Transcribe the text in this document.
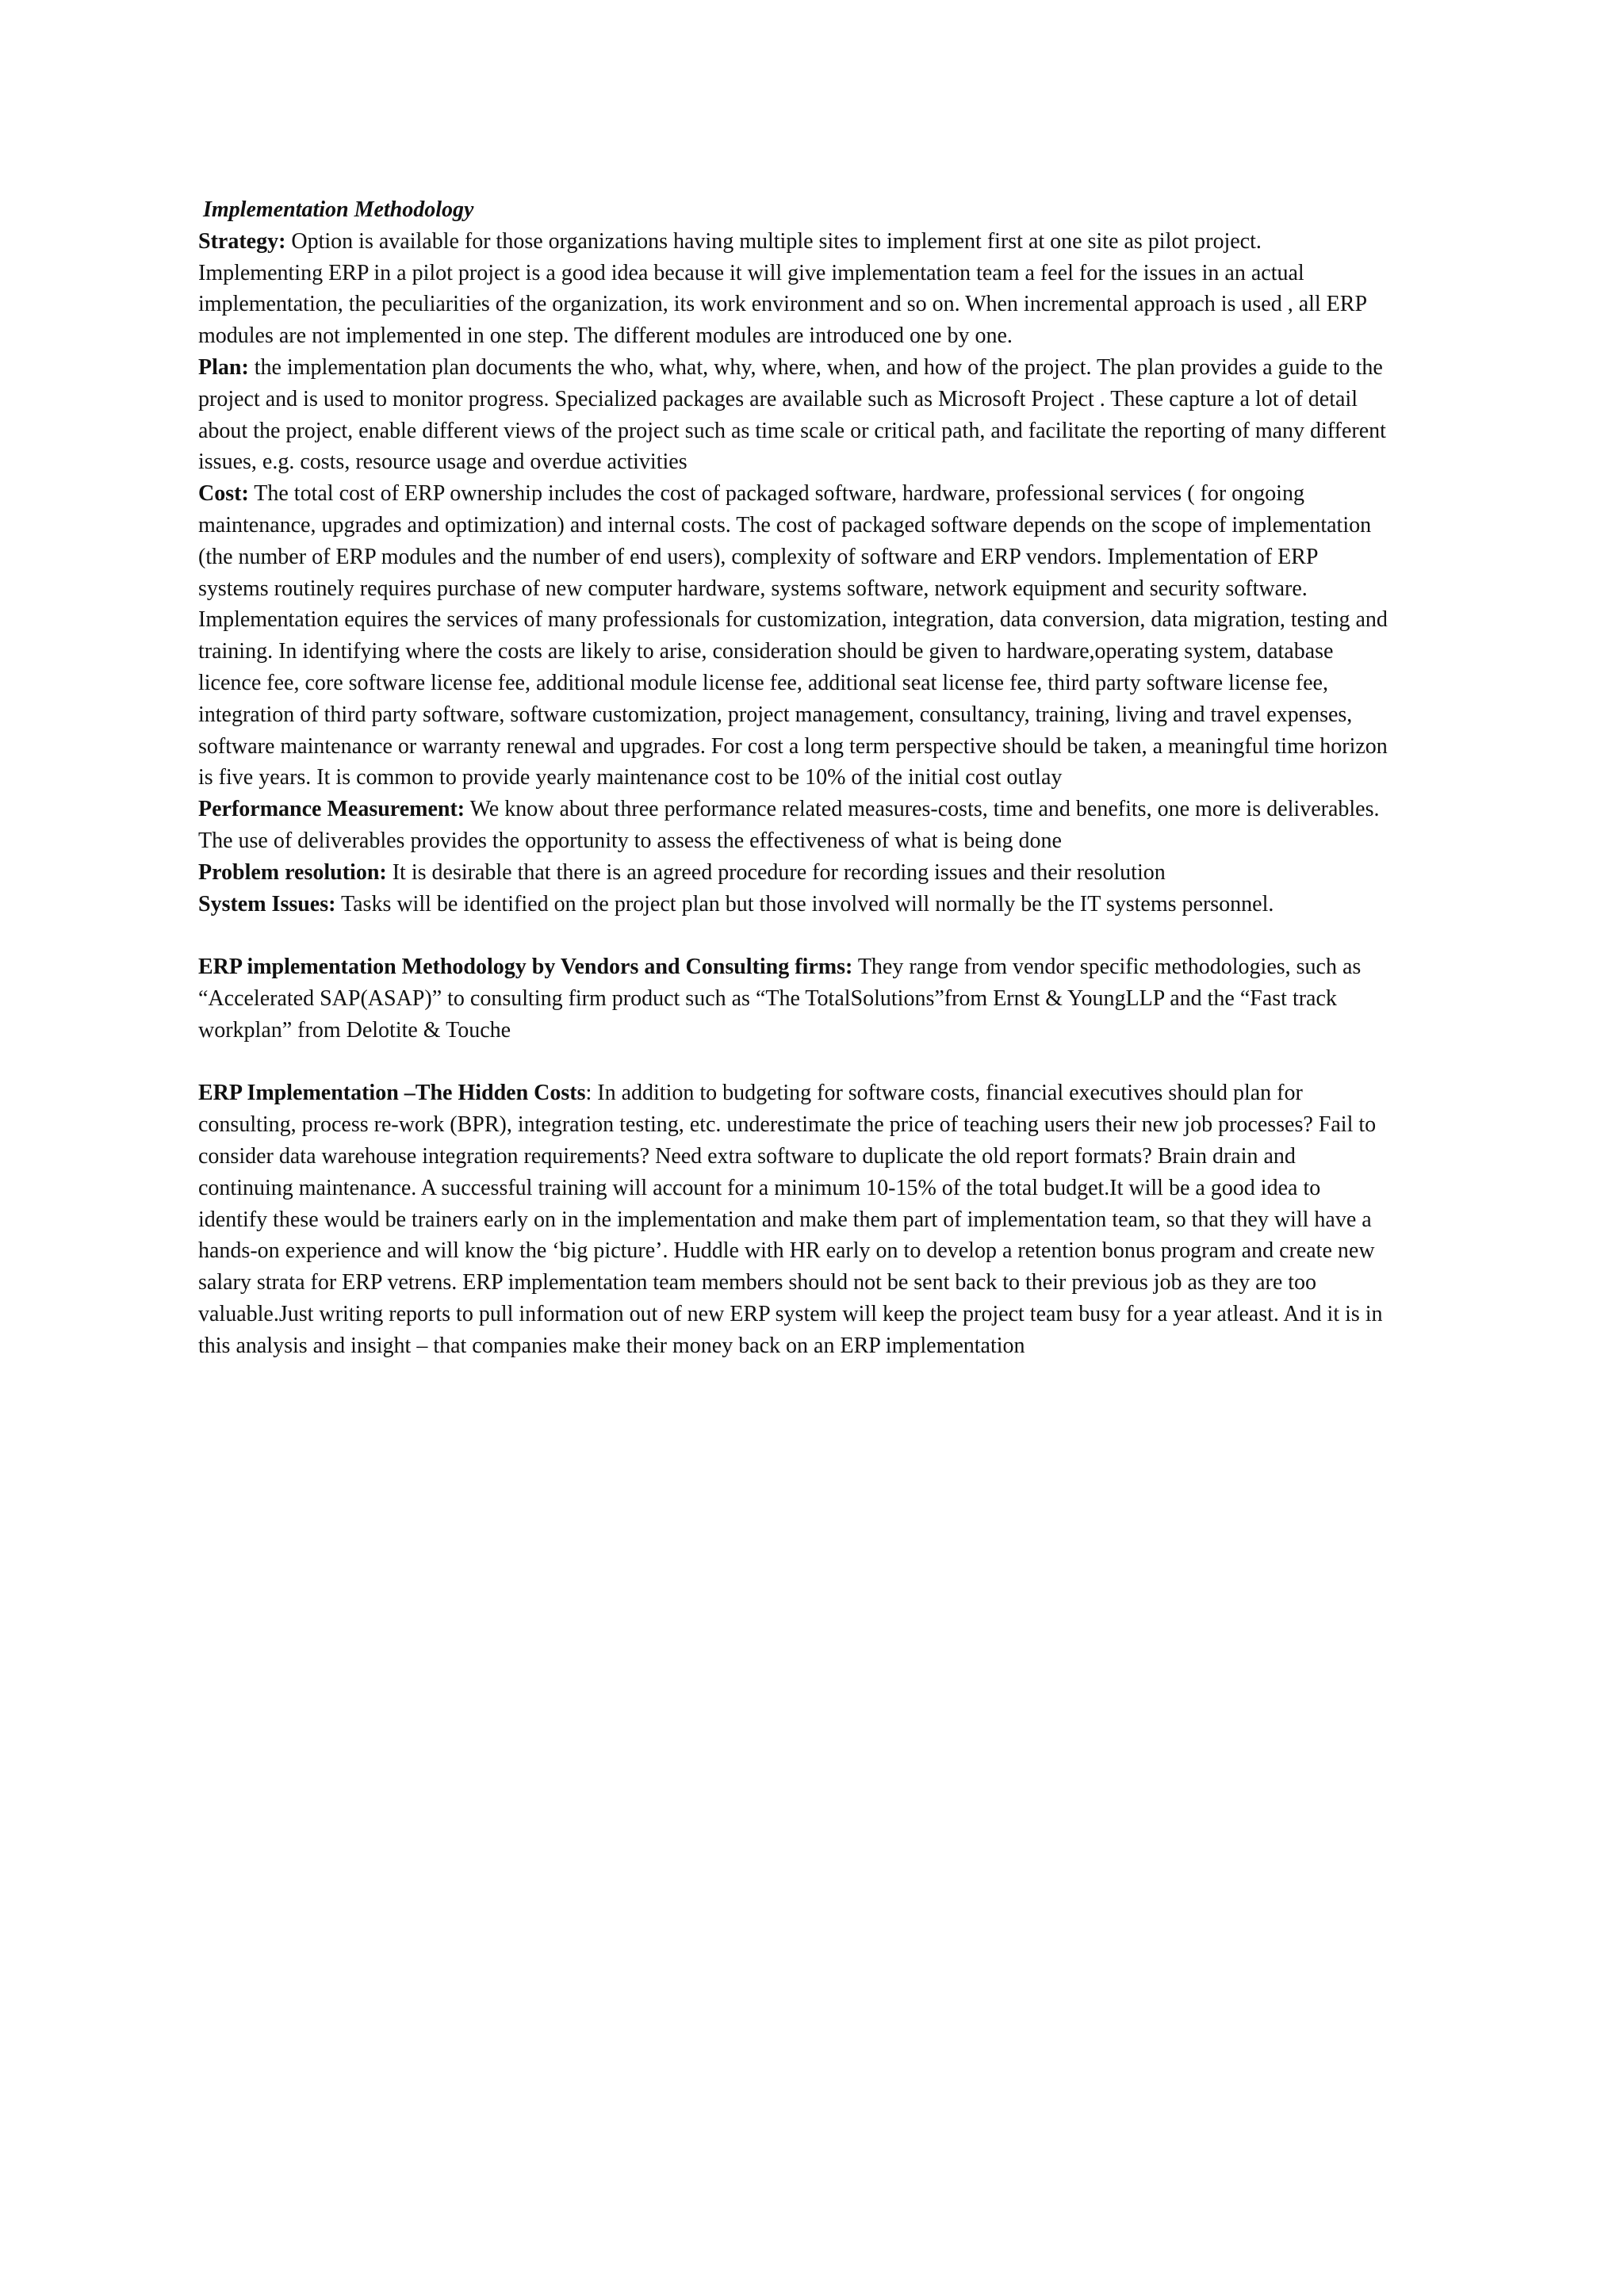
Implementation Methodology

Strategy: Option is available for those organizations having multiple sites to implement first at one site as pilot project. Implementing ERP in a pilot project is a good idea because it will give implementation team a feel for the issues in an actual implementation, the peculiarities of the organization, its work environment and so on. When incremental approach is used , all ERP modules are not implemented in one step. The different modules are introduced one by one.

Plan: the implementation plan documents the who, what, why, where, when, and how of the project. The plan provides a guide to the project and is used to monitor progress. Specialized packages are available such as Microsoft Project . These capture a lot of detail about the project, enable different views of the project such as time scale or critical path, and facilitate the reporting of many different issues, e.g. costs, resource usage and overdue activities

Cost: The total cost of ERP ownership includes the cost of packaged software, hardware, professional services ( for ongoing maintenance, upgrades and optimization) and internal costs. The cost of packaged software depends on the scope of implementation (the number of ERP modules and the number of end users), complexity of software and ERP vendors. Implementation of ERP systems routinely requires purchase of new computer hardware, systems software, network equipment and security software. Implementation equires the services of many professionals for customization, integration, data conversion, data migration, testing and training. In identifying where the costs are likely to arise, consideration should be given to hardware,operating system, database licence fee, core software license fee, additional module license fee, additional seat license fee, third party software license fee, integration of third party software, software customization, project management, consultancy, training, living and travel expenses, software maintenance or warranty renewal and upgrades. For cost a long term perspective should be taken, a meaningful time horizon is five years. It is common to provide yearly maintenance cost to be 10% of the initial cost outlay

Performance Measurement: We know about three performance related measures-costs, time and benefits, one more is deliverables. The use of deliverables provides the opportunity to assess the effectiveness of what is being done

Problem resolution: It is desirable that there is an agreed procedure for recording issues and their resolution

System Issues: Tasks will be identified on the project plan but those involved will normally be the IT systems personnel.

ERP implementation Methodology by Vendors and Consulting firms: They range from vendor specific methodologies, such as “Accelerated SAP(ASAP)” to consulting firm product such as “The TotalSolutions”from Ernst & YoungLLP and the “Fast track workplan” from Delotite & Touche

ERP Implementation –The Hidden Costs: In addition to budgeting for software costs, financial executives should plan for consulting, process re-work (BPR), integration testing, etc. underestimate the price of teaching users their new job processes? Fail to consider data warehouse integration requirements? Need extra software to duplicate the old report formats? Brain drain and continuing maintenance. A successful training will account for a minimum 10-15% of the total budget.It will be a good idea to identify these would be trainers early on in the implementation and make them part of implementation team, so that they will have a hands-on experience and will know the ‘big picture’. Huddle with HR early on to develop a retention bonus program and create new salary strata for ERP vetrens. ERP implementation team members should not be sent back to their previous job as they are too valuable.Just writing reports to pull information out of new ERP system will keep the project team busy for a year atleast. And it is in this analysis and insight – that companies make their money back on an ERP implementation
